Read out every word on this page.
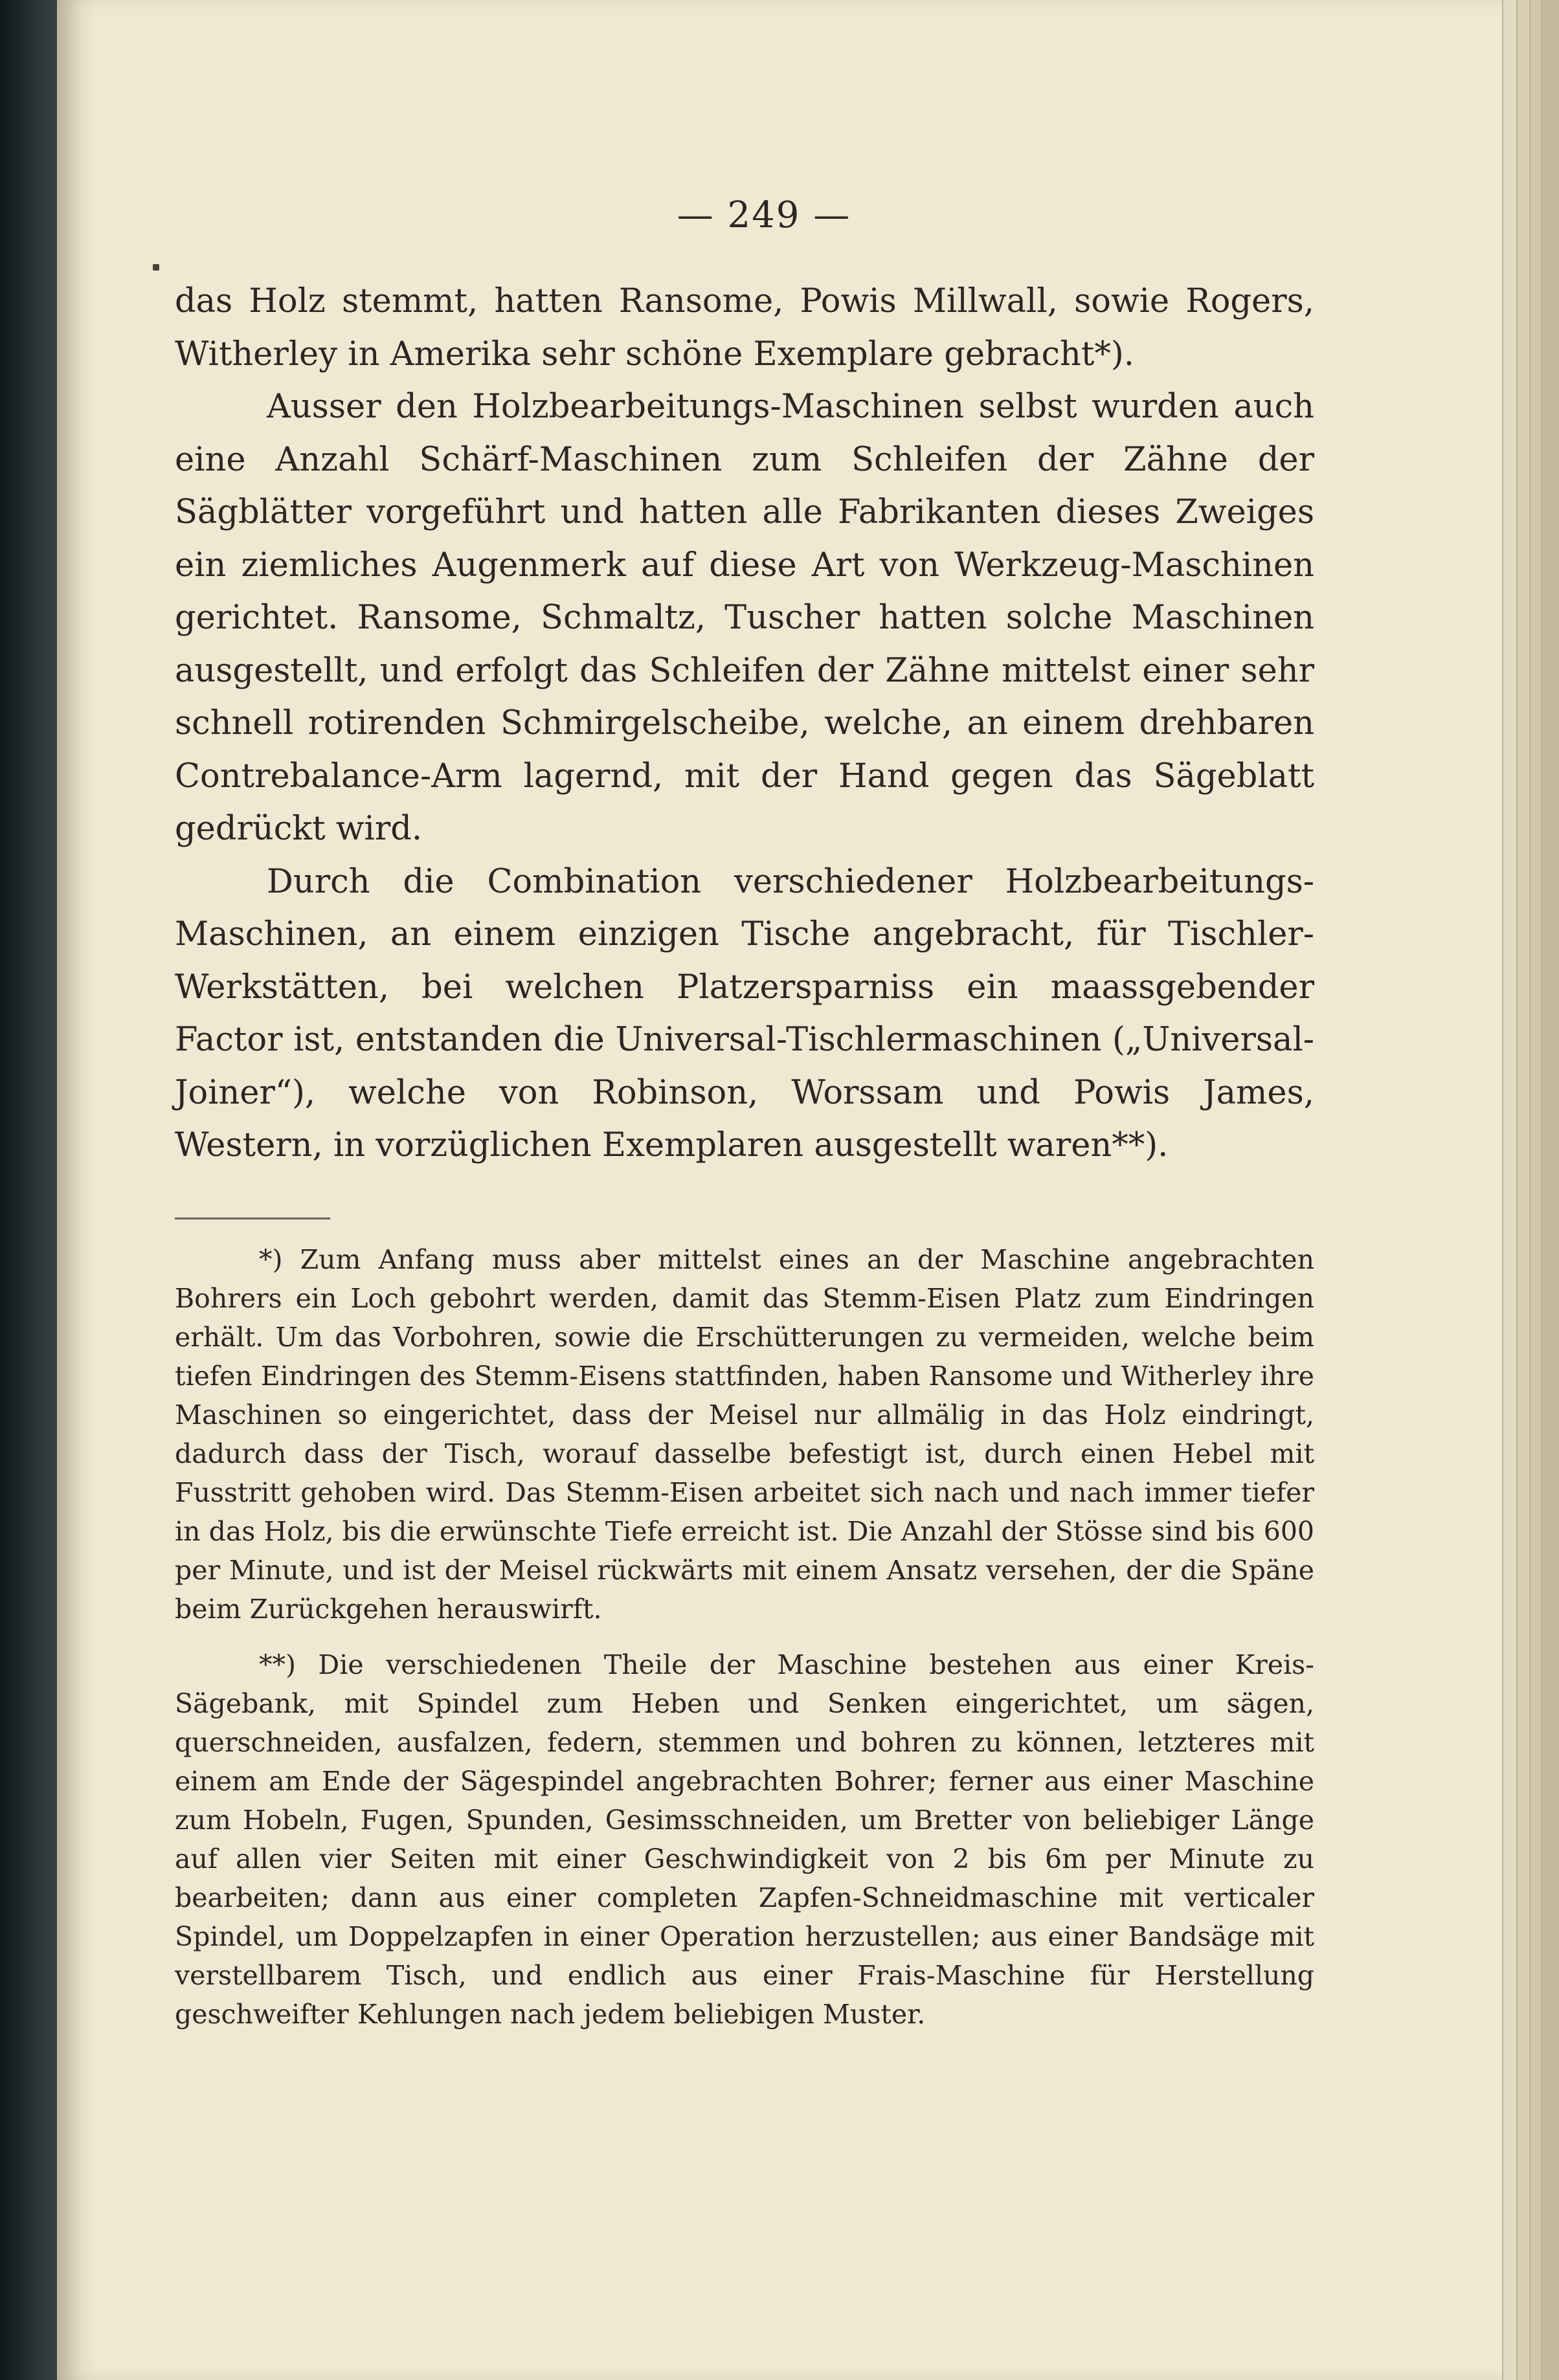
— 249 —

das Holz stemmt, hatten Ransome, Powis Millwall, sowie Rogers, Witherley in Amerika sehr schöne Exemplare gebracht*).

Ausser den Holzbearbeitungs-Maschinen selbst wurden auch eine Anzahl Schärf-Maschinen zum Schleifen der Zähne der Sägblätter vorgeführt und hatten alle Fabrikanten dieses Zweiges ein ziemliches Augenmerk auf diese Art von Werkzeug-Maschinen gerichtet. Ransome, Schmaltz, Tuscher hatten solche Maschinen ausgestellt, und erfolgt das Schleifen der Zähne mittelst einer sehr schnell rotirenden Schmirgelscheibe, welche, an einem drehbaren Contrebalance-Arm lagernd, mit der Hand gegen das Sägeblatt gedrückt wird.

Durch die Combination verschiedener Holzbearbeitungs-Maschinen, an einem einzigen Tische angebracht, für Tischler-Werkstätten, bei welchen Platzersparniss ein maassgebender Factor ist, entstanden die Universal-Tischlermaschinen („Universal-Joiner“), welche von Robinson, Worssam und Powis James, Western, in vorzüglichen Exemplaren ausgestellt waren**).

*) Zum Anfang muss aber mittelst eines an der Maschine angebrachten Bohrers ein Loch gebohrt werden, damit das Stemm-Eisen Platz zum Eindringen erhält. Um das Vorbohren, sowie die Erschütterungen zu vermeiden, welche beim tiefen Eindringen des Stemm-Eisens stattfinden, haben Ransome und Witherley ihre Maschinen so eingerichtet, dass der Meisel nur allmälig in das Holz eindringt, dadurch dass der Tisch, worauf dasselbe befestigt ist, durch einen Hebel mit Fusstritt gehoben wird. Das Stemm-Eisen arbeitet sich nach und nach immer tiefer in das Holz, bis die erwünschte Tiefe erreicht ist. Die Anzahl der Stösse sind bis 600 per Minute, und ist der Meisel rückwärts mit einem Ansatz versehen, der die Späne beim Zurückgehen herauswirft.

**) Die verschiedenen Theile der Maschine bestehen aus einer Kreis-Sägebank, mit Spindel zum Heben und Senken eingerichtet, um sägen, querschneiden, ausfalzen, federn, stemmen und bohren zu können, letzteres mit einem am Ende der Sägespindel angebrachten Bohrer; ferner aus einer Maschine zum Hobeln, Fugen, Spunden, Gesimsschneiden, um Bretter von beliebiger Länge auf allen vier Seiten mit einer Geschwindigkeit von 2 bis 6m per Minute zu bearbeiten; dann aus einer completen Zapfen-Schneidmaschine mit verticaler Spindel, um Doppelzapfen in einer Operation herzustellen; aus einer Bandsäge mit verstellbarem Tisch, und endlich aus einer Frais-Maschine für Herstellung geschweifter Kehlungen nach jedem beliebigen Muster.
